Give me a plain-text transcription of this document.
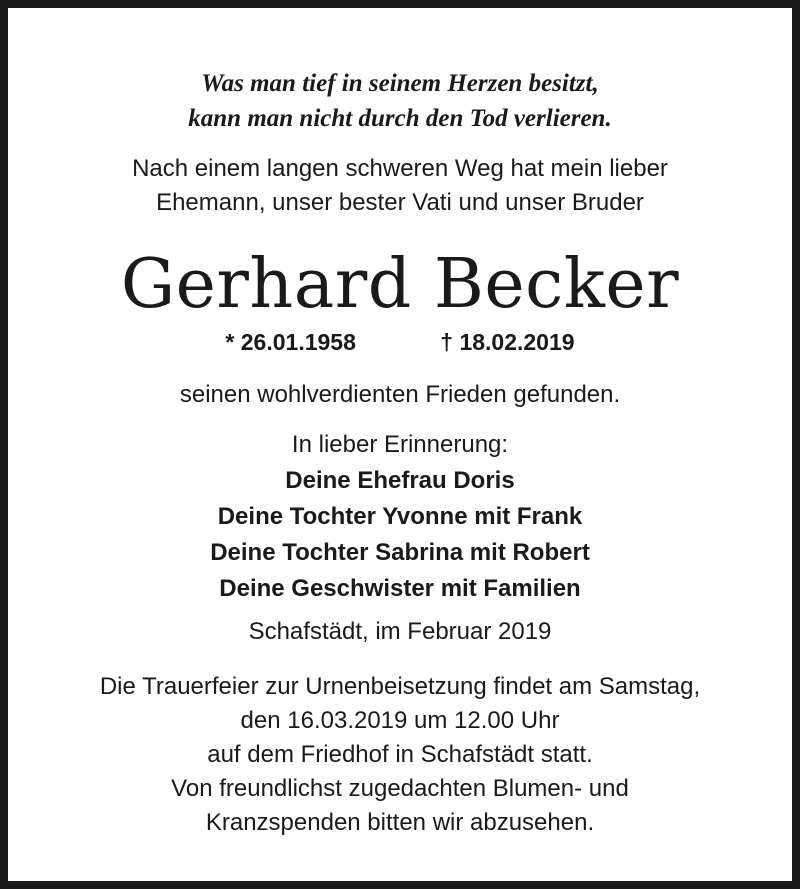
Was man tief in seinem Herzen besitzt,
kann man nicht durch den Tod verlieren.
Nach einem langen schweren Weg hat mein lieber
Ehemann, unser bester Vati und unser Bruder
Gerhard Becker
* 26.01.1958	† 18.02.2019
seinen wohlverdienten Frieden gefunden.
In lieber Erinnerung:
Deine Ehefrau Doris
Deine Tochter Yvonne mit Frank
Deine Tochter Sabrina mit Robert
Deine Geschwister mit Familien
Schafstädt, im Februar 2019
Die Trauerfeier zur Urnenbeisetzung findet am Samstag,
den 16.03.2019 um 12.00 Uhr
auf dem Friedhof in Schafstädt statt.
Von freundlichst zugedachten Blumen- und
Kranzspenden bitten wir abzusehen.
